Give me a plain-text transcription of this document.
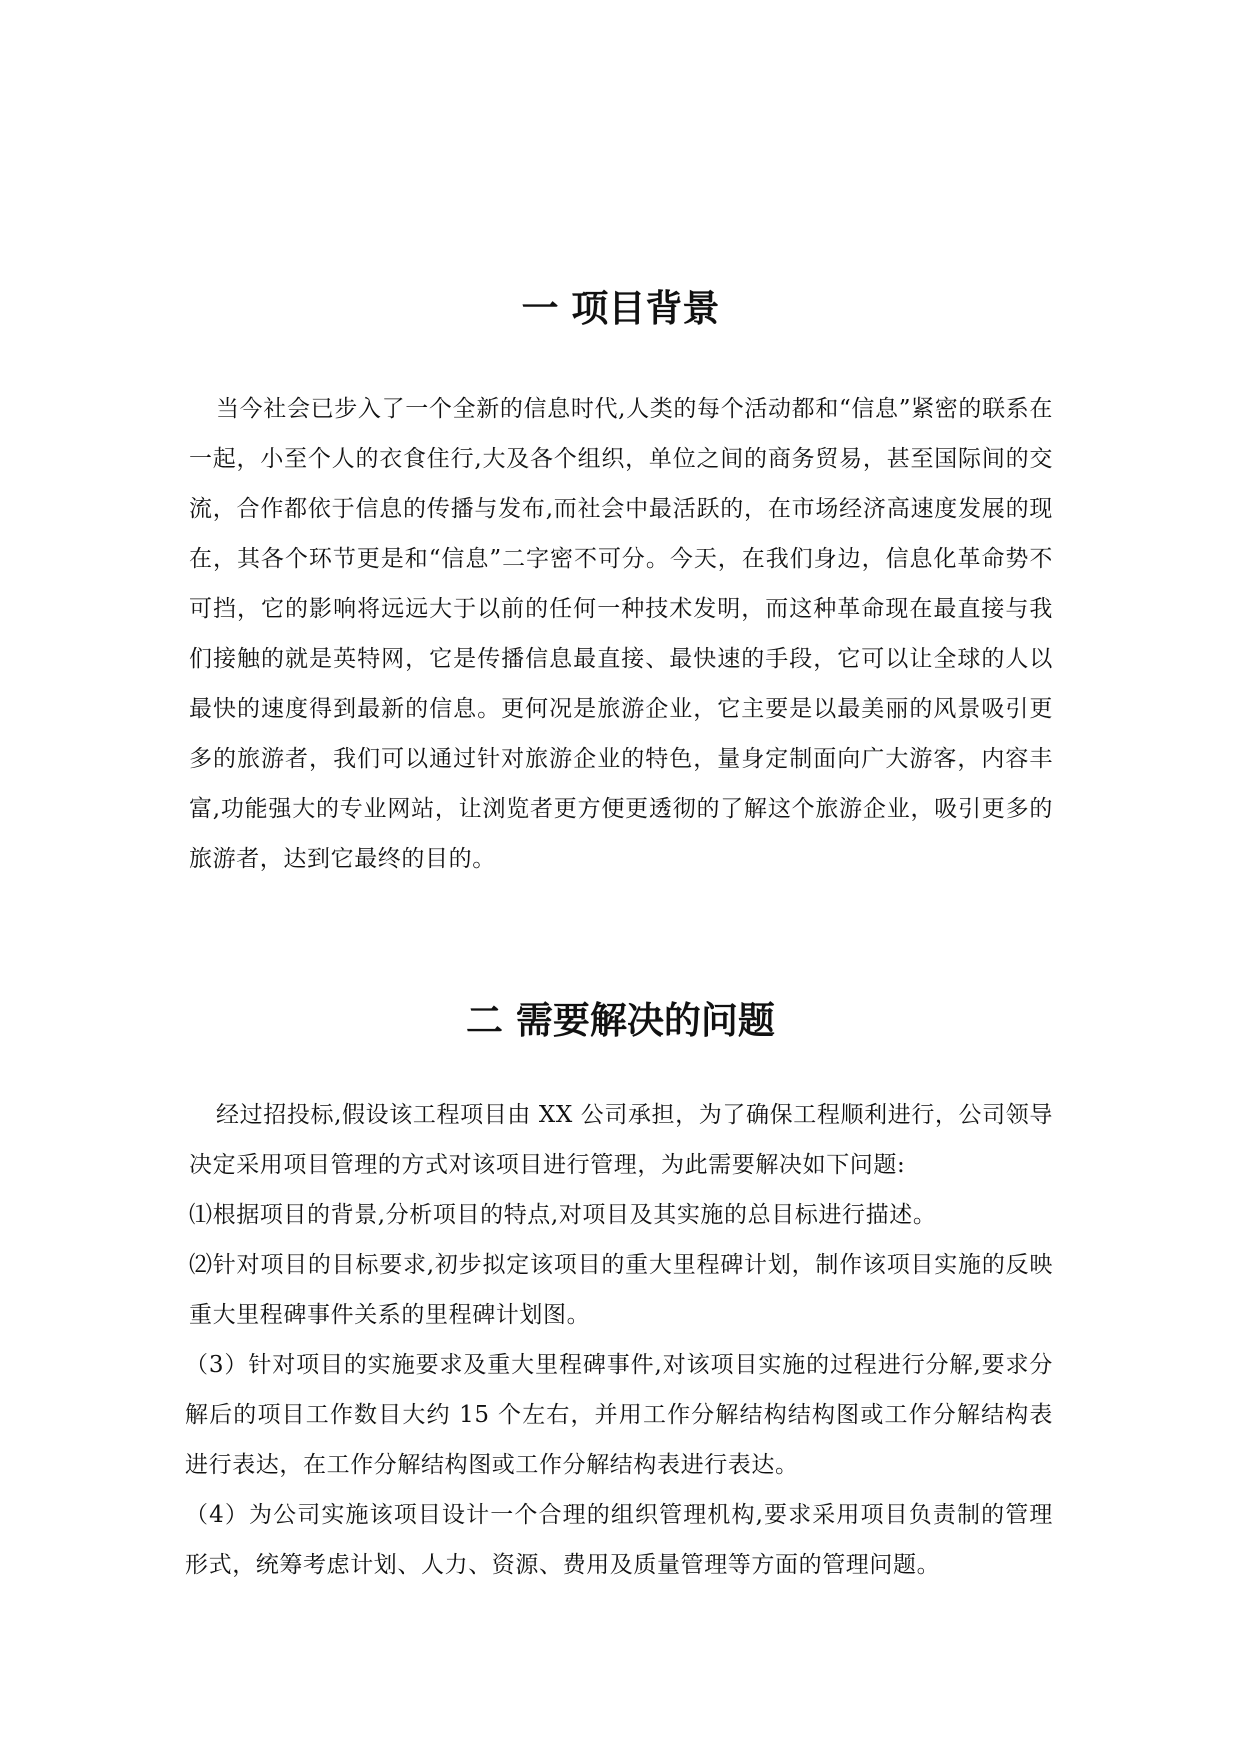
一 项目背景

当今社会已步入了一个全新的信息时代,人类的每个活动都和“信息”紧密的联系在一起，小至个人的衣食住行,大及各个组织，单位之间的商务贸易，甚至国际间的交流，合作都依于信息的传播与发布,而社会中最活跃的，在市场经济高速度发展的现在，其各个环节更是和“信息”二字密不可分。今天，在我们身边，信息化革命势不可挡，它的影响将远远大于以前的任何一种技术发明，而这种革命现在最直接与我们接触的就是英特网，它是传播信息最直接、最快速的手段，它可以让全球的人以最快的速度得到最新的信息。更何况是旅游企业，它主要是以最美丽的风景吸引更多的旅游者，我们可以通过针对旅游企业的特色，量身定制面向广大游客，内容丰富,功能强大的专业网站，让浏览者更方便更透彻的了解这个旅游企业，吸引更多的旅游者，达到它最终的目的。

二 需要解决的问题

经过招投标,假设该工程项目由 XX 公司承担，为了确保工程顺利进行，公司领导决定采用项目管理的方式对该项目进行管理，为此需要解决如下问题:

⑴根据项目的背景,分析项目的特点,对项目及其实施的总目标进行描述。

⑵针对项目的目标要求,初步拟定该项目的重大里程碑计划，制作该项目实施的反映重大里程碑事件关系的里程碑计划图。

（3）针对项目的实施要求及重大里程碑事件,对该项目实施的过程进行分解,要求分解后的项目工作数目大约 15 个左右，并用工作分解结构结构图或工作分解结构表进行表达，在工作分解结构图或工作分解结构表进行表达。

（4）为公司实施该项目设计一个合理的组织管理机构,要求采用项目负责制的管理形式，统筹考虑计划、人力、资源、费用及质量管理等方面的管理问题。
